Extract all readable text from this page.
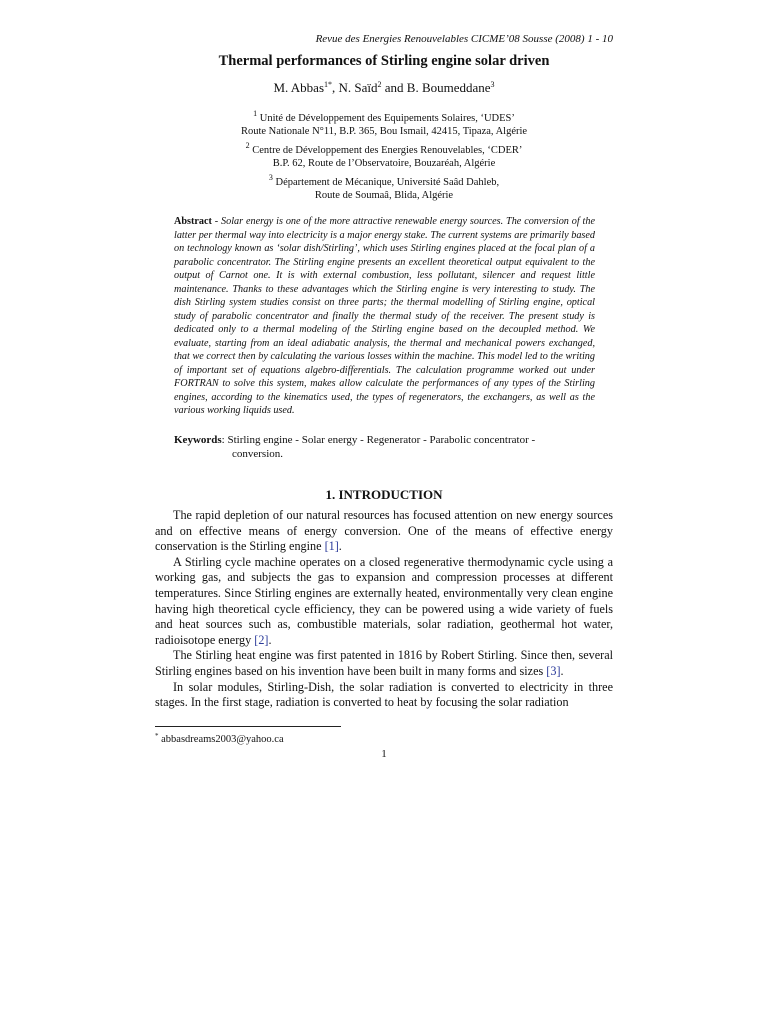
Revue des Energies Renouvelables CICME’08 Sousse (2008) 1 - 10
Thermal performances of Stirling engine solar driven
M. Abbas$^{1*}$, N. Saïd$^2$ and B. Boumeddane$^3$
$^1$ Unité de Développement des Equipements Solaires, ‘UDES’
Route Nationale N°11, B.P. 365, Bou Ismail, 42415, Tipaza, Algérie
$^2$ Centre de Développement des Energies Renouvelables, ‘CDER’
B.P. 62, Route de l’Observatoire, Bouzaréah, Algérie
$^3$ Département de Mécanique, Université Saâd Dahleb,
Route de Soumaâ, Blida, Algérie
Abstract - Solar energy is one of the more attractive renewable energy sources. The conversion of the latter per thermal way into electricity is a major energy stake. The current systems are primarily based on technology known as ‘solar dish/Stirling’, which uses Stirling engines placed at the focal plan of a parabolic concentrator. The Stirling engine presents an excellent theoretical output equivalent to the output of Carnot one. It is with external combustion, less pollutant, silencer and request little maintenance. Thanks to these advantages which the Stirling engine is very interesting to study. The dish Stirling system studies consist on three parts; the thermal modelling of Stirling engine, optical study of parabolic concentrator and finally the thermal study of the receiver. The present study is dedicated only to a thermal modeling of the Stirling engine based on the decoupled method. We evaluate, starting from an ideal adiabatic analysis, the thermal and mechanical powers exchanged, that we correct then by calculating the various losses within the machine. This model led to the writing of important set of equations algebro-differentials. The calculation programme worked out under FORTRAN to solve this system, makes allow calculate the performances of any types of the Stirling engines, according to the kinematics used, the types of regenerators, the exchangers, as well as the various working liquids used.
Keywords: Stirling engine - Solar energy - Regenerator - Parabolic concentrator -
conversion.
1. INTRODUCTION

The rapid depletion of our natural resources has focused attention on new energy sources and on effective means of energy conversion. One of the means of effective energy conservation is the Stirling engine [1].

A Stirling cycle machine operates on a closed regenerative thermodynamic cycle using a working gas, and subjects the gas to expansion and compression processes at different temperatures. Since Stirling engines are externally heated, environmentally very clean engine having high theoretical cycle efficiency, they can be powered using a wide variety of fuels and heat sources such as, combustible materials, solar radiation, geothermal hot water, radioisotope energy [2].

The Stirling heat engine was first patented in 1816 by Robert Stirling. Since then, several Stirling engines based on his invention have been built in many forms and sizes [3].

In solar modules, Stirling-Dish, the solar radiation is converted to electricity in three stages. In the first stage, radiation is converted to heat by focusing the solar radiation

* abbasdreams2003@yahoo.ca
1
